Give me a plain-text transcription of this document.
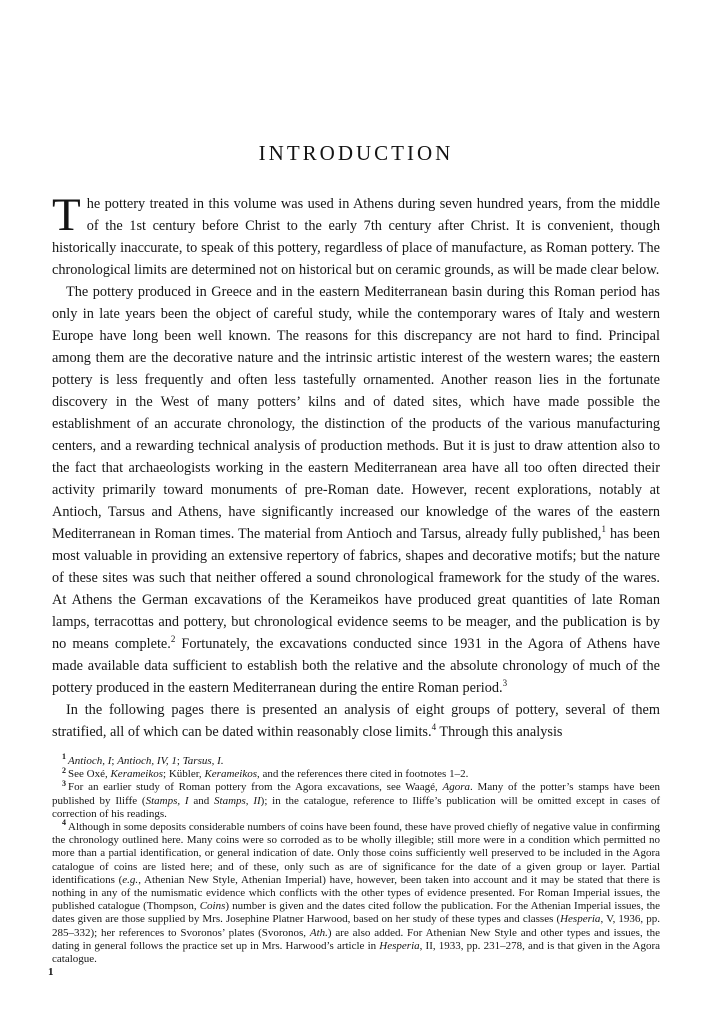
INTRODUCTION

The pottery treated in this volume was used in Athens during seven hundred years, from the middle of the 1st century before Christ to the early 7th century after Christ. It is convenient, though historically inaccurate, to speak of this pottery, regardless of place of manufacture, as Roman pottery. The chronological limits are determined not on historical but on ceramic grounds, as will be made clear below.

The pottery produced in Greece and in the eastern Mediterranean basin during this Roman period has only in late years been the object of careful study, while the contemporary wares of Italy and western Europe have long been well known. The reasons for this discrepancy are not hard to find. Principal among them are the decorative nature and the intrinsic artistic interest of the western wares; the eastern pottery is less frequently and often less tastefully ornamented. Another reason lies in the fortunate discovery in the West of many potters’ kilns and of dated sites, which have made possible the establishment of an accurate chronology, the distinction of the products of the various manufacturing centers, and a rewarding technical analysis of production methods. But it is just to draw attention also to the fact that archaeologists working in the eastern Mediterranean area have all too often directed their activity primarily toward monuments of pre-Roman date. However, recent explorations, notably at Antioch, Tarsus and Athens, have significantly increased our knowledge of the wares of the eastern Mediterranean in Roman times. The material from Antioch and Tarsus, already fully published,$^1$ has been most valuable in providing an extensive repertory of fabrics, shapes and decorative motifs; but the nature of these sites was such that neither offered a sound chronological framework for the study of the wares. At Athens the German excavations of the Kerameikos have produced great quantities of late Roman lamps, terracottas and pottery, but chronological evidence seems to be meager, and the publication is by no means complete.$^2$ Fortunately, the excavations conducted since 1931 in the Agora of Athens have made available data sufficient to establish both the relative and the absolute chronology of much of the pottery produced in the eastern Mediterranean during the entire Roman period.$^3$

In the following pages there is presented an analysis of eight groups of pottery, several of them stratified, all of which can be dated within reasonably close limits.$^4$ Through this analysis

$^1$ Antioch, I; Antioch, IV, 1; Tarsus, I.

$^2$ See Oxé, Kerameikos; Kübler, Kerameikos, and the references there cited in footnotes 1–2.

$^3$ For an earlier study of Roman pottery from the Agora excavations, see Waagé, Agora. Many of the potter’s stamps have been published by Iliffe (Stamps, I and Stamps, II); in the catalogue, reference to Iliffe’s publication will be omitted except in cases of correction of his readings.

$^4$ Although in some deposits considerable numbers of coins have been found, these have proved chiefly of negative value in confirming the chronology outlined here. Many coins were so corroded as to be wholly illegible; still more were in a condition which permitted no more than a partial identification, or general indication of date. Only those coins sufficiently well preserved to be included in the Agora catalogue of coins are listed here; and of these, only such as are of significance for the date of a given group or layer. Partial identifications (e.g., Athenian New Style, Athenian Imperial) have, however, been taken into account and it may be stated that there is nothing in any of the numismatic evidence which conflicts with the other types of evidence presented. For Roman Imperial issues, the published catalogue (Thompson, Coins) number is given and the dates cited follow the publication. For the Athenian Imperial issues, the dates given are those supplied by Mrs. Josephine Platner Harwood, based on her study of these types and classes (Hesperia, V, 1936, pp. 285–332); her references to Svoronos’ plates (Svoronos, Ath.) are also added. For Athenian New Style and other types and issues, the dating in general follows the practice set up in Mrs. Harwood’s article in Hesperia, II, 1933, pp. 231–278, and is that given in the Agora catalogue.

1
